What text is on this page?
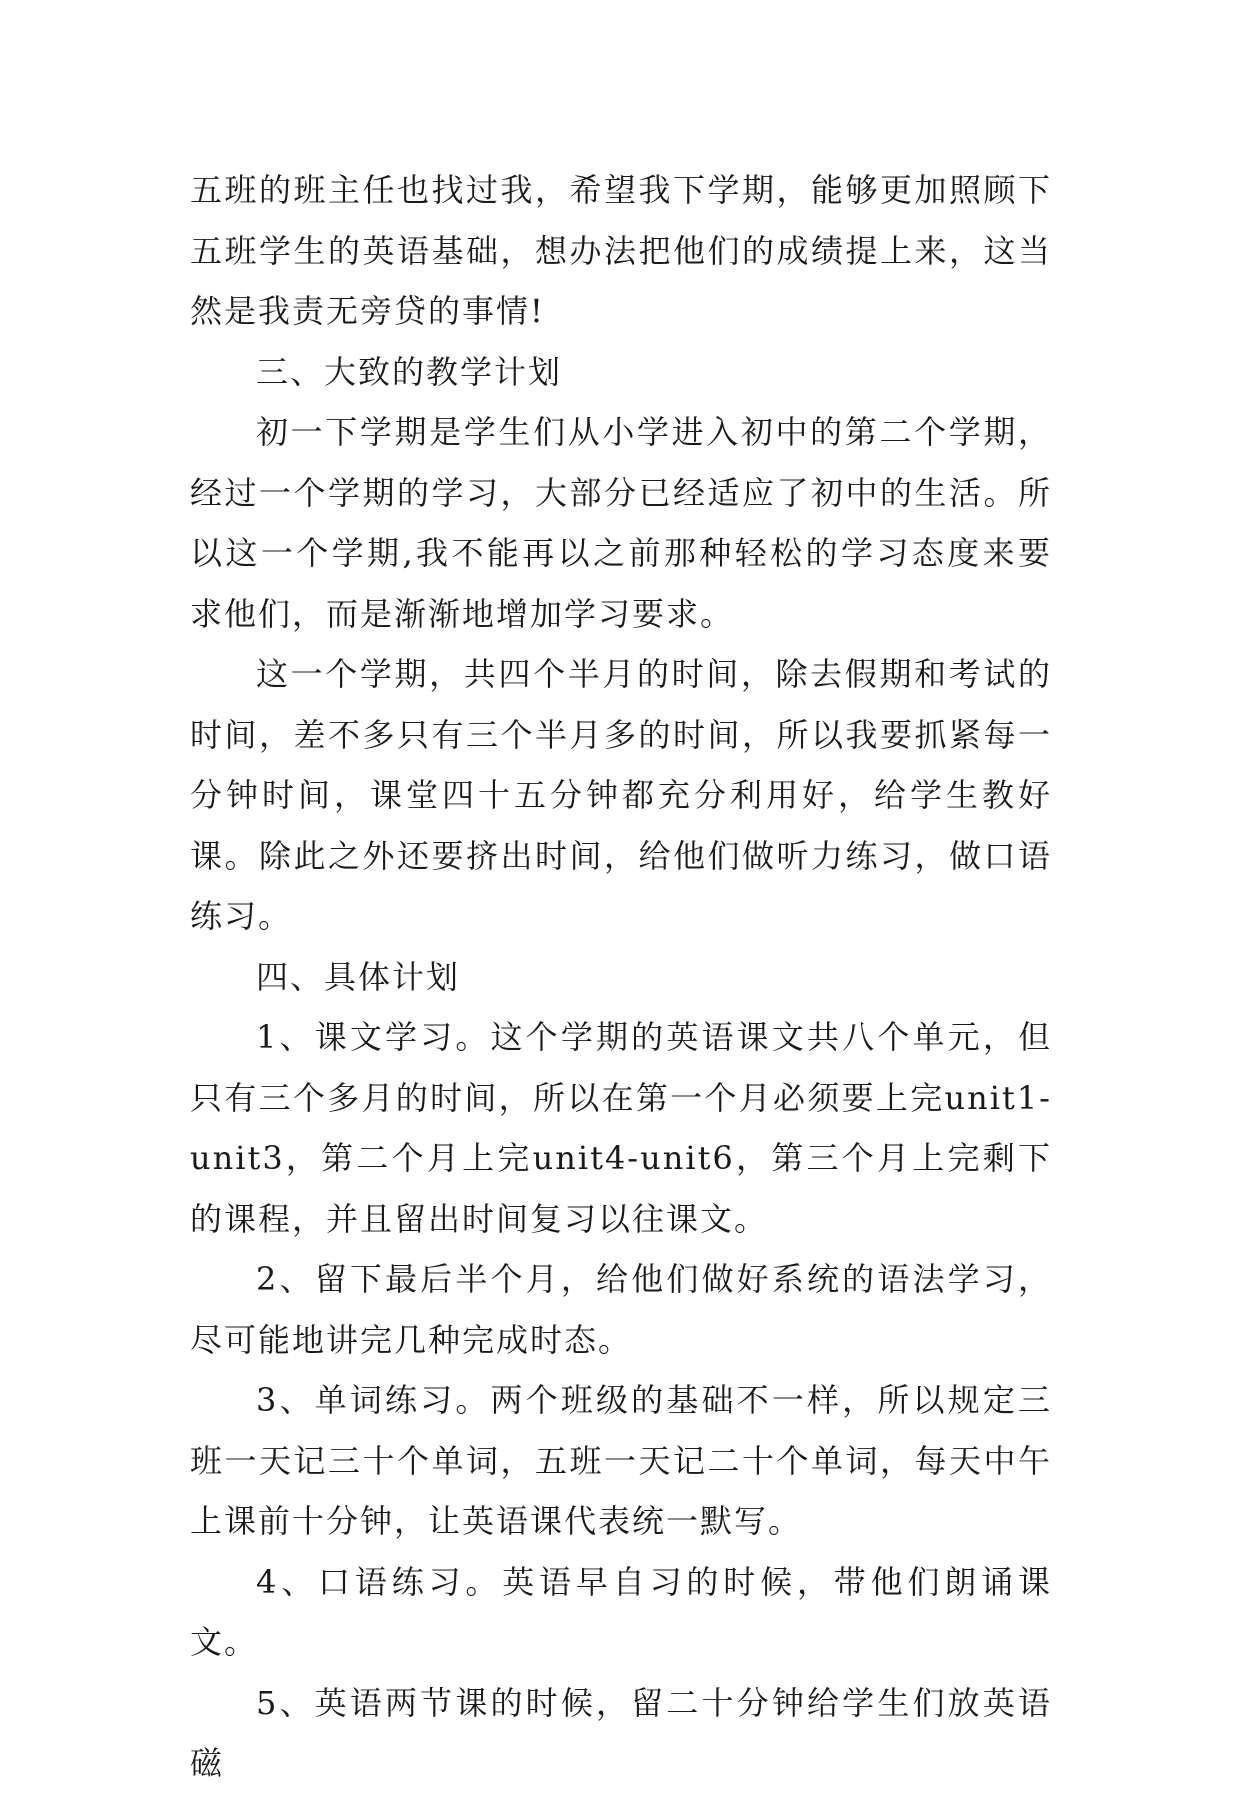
五班的班主任也找过我，希望我下学期，能够更加照顾下五班学生的英语基础，想办法把他们的成绩提上来，这当然是我责无旁贷的事情!

三、大致的教学计划

初一下学期是学生们从小学进入初中的第二个学期，经过一个学期的学习，大部分已经适应了初中的生活。所以这一个学期,我不能再以之前那种轻松的学习态度来要求他们，而是渐渐地增加学习要求。

这一个学期，共四个半月的时间，除去假期和考试的时间，差不多只有三个半月多的时间，所以我要抓紧每一分钟时间，课堂四十五分钟都充分利用好，给学生教好课。除此之外还要挤出时间，给他们做听力练习，做口语练习。

四、具体计划

1、课文学习。这个学期的英语课文共八个单元，但只有三个多月的时间，所以在第一个月必须要上完unit1-unit3，第二个月上完unit4-unit6，第三个月上完剩下的课程，并且留出时间复习以往课文。

2、留下最后半个月，给他们做好系统的语法学习，尽可能地讲完几种完成时态。

3、单词练习。两个班级的基础不一样，所以规定三班一天记三十个单词，五班一天记二十个单词，每天中午上课前十分钟，让英语课代表统一默写。

4、口语练习。英语早自习的时候，带他们朗诵课文。

5、英语两节课的时候，留二十分钟给学生们放英语磁
